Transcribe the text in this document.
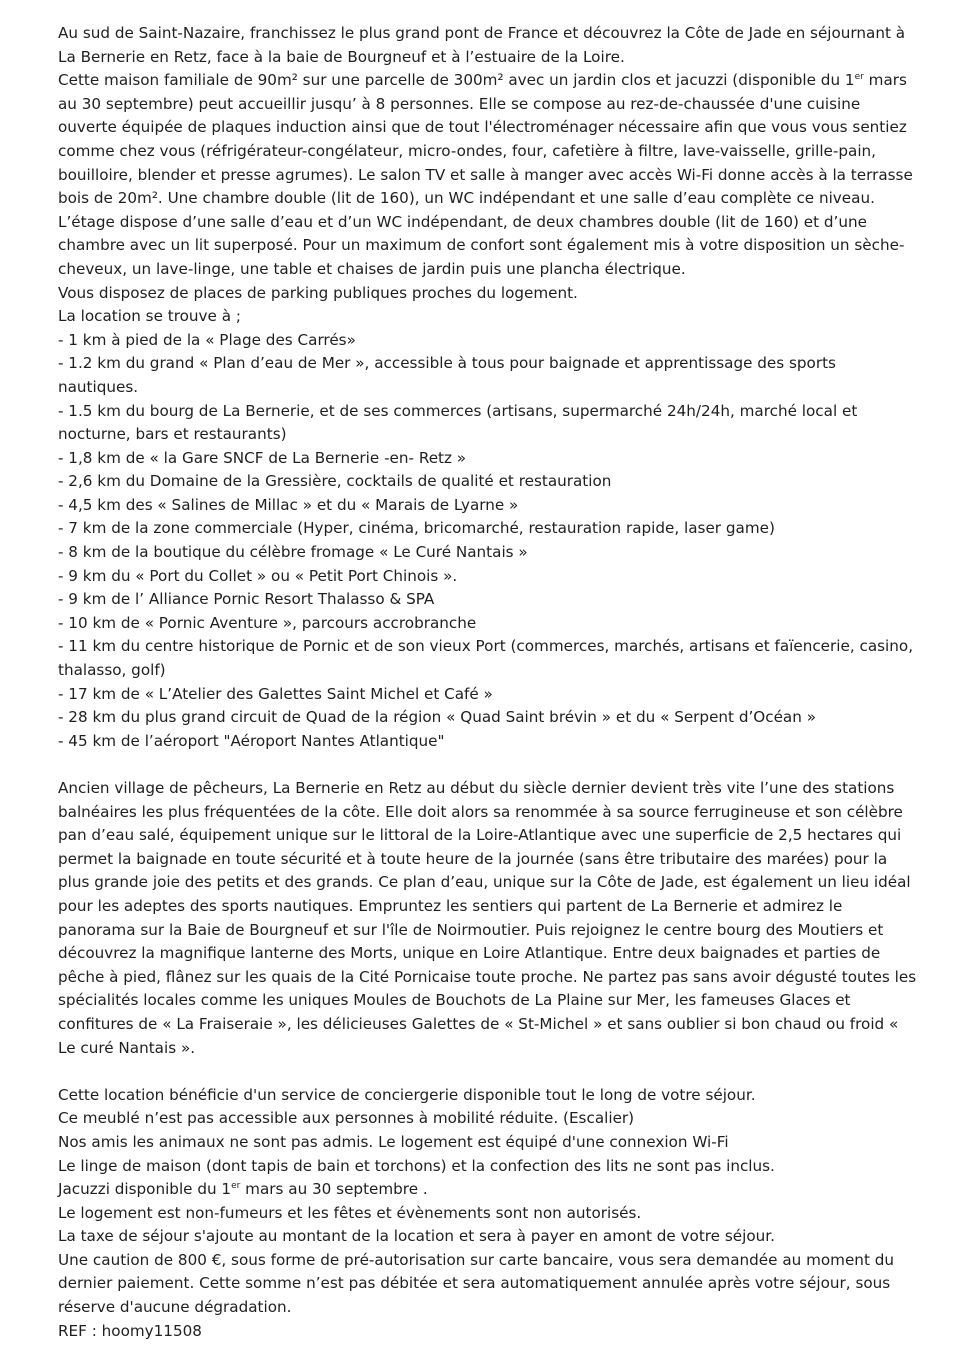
Au sud de Saint-Nazaire, franchissez le plus grand pont de France et découvrez la Côte de Jade en séjournant à La Bernerie en Retz, face à la baie de Bourgneuf et à l’estuaire de la Loire.

Cette maison familiale de 90m² sur une parcelle de 300m² avec un jardin clos et jacuzzi (disponible du 1er mars au 30 septembre) peut accueillir jusqu’ à 8 personnes. Elle se compose au rez-de-chaussée d'une cuisine ouverte équipée de plaques induction ainsi que de tout l'électroménager nécessaire afin que vous vous sentiez comme chez vous (réfrigérateur-congélateur, micro-ondes, four, cafetière à filtre, lave-vaisselle, grille-pain, bouilloire, blender et presse agrumes). Le salon TV et salle à manger avec accès Wi-Fi donne accès à la terrasse bois de 20m². Une chambre double (lit de 160), un WC indépendant et une salle d’eau complète ce niveau. L’étage dispose d’une salle d’eau et d’un WC indépendant, de deux chambres double (lit de 160) et d’une chambre avec un lit superposé. Pour un maximum de confort sont également mis à votre disposition un sèche-cheveux, un lave-linge, une table et chaises de jardin puis une plancha électrique.

Vous disposez de places de parking publiques proches du logement.

La location se trouve à ;

- 1 km à pied de la « Plage des Carrés»

- 1.2 km du grand « Plan d’eau de Mer », accessible à tous pour baignade et apprentissage des sports nautiques.

- 1.5 km du bourg de La Bernerie, et de ses commerces (artisans, supermarché 24h/24h, marché local et nocturne, bars et restaurants)

- 1,8 km de « la Gare SNCF de La Bernerie -en- Retz »

- 2,6 km du Domaine de la Gressière, cocktails de qualité et restauration

- 4,5 km des « Salines de Millac » et du « Marais de Lyarne »

- 7 km de la zone commerciale (Hyper, cinéma, bricomarché, restauration rapide, laser game)

- 8 km de la boutique du célèbre fromage « Le Curé Nantais »

- 9 km du « Port du Collet » ou « Petit Port Chinois ».

- 9 km de l’ Alliance Pornic Resort Thalasso & SPA

- 10 km de « Pornic Aventure », parcours accrobranche

- 11 km du centre historique de Pornic et de son vieux Port (commerces, marchés, artisans et faïencerie, casino, thalasso, golf)

- 17 km de « L’Atelier des Galettes Saint Michel et Café »

- 28 km du plus grand circuit de Quad de la région « Quad Saint brévin » et du « Serpent d’Océan »

- 45 km de l’aéroport "Aéroport Nantes Atlantique"

Ancien village de pêcheurs, La Bernerie en Retz au début du siècle dernier devient très vite l’une des stations balnéaires les plus fréquentées de la côte. Elle doit alors sa renommée à sa source ferrugineuse et son célèbre pan d’eau salé, équipement unique sur le littoral de la Loire-Atlantique avec une superficie de 2,5 hectares qui permet la baignade en toute sécurité et à toute heure de la journée (sans être tributaire des marées) pour la plus grande joie des petits et des grands. Ce plan d’eau, unique sur la Côte de Jade, est également un lieu idéal pour les adeptes des sports nautiques. Empruntez les sentiers qui partent de La Bernerie et admirez le panorama sur la Baie de Bourgneuf et sur l'île de Noirmoutier. Puis rejoignez le centre bourg des Moutiers et découvrez la magnifique lanterne des Morts, unique en Loire Atlantique. Entre deux baignades et parties de pêche à pied, flânez sur les quais de la Cité Pornicaise toute proche. Ne partez pas sans avoir dégusté toutes les spécialités locales comme les uniques Moules de Bouchots de La Plaine sur Mer, les fameuses Glaces et confitures de « La Fraiseraie », les délicieuses Galettes de « St-Michel » et sans oublier si bon chaud ou froid « Le curé Nantais ».

Cette location bénéficie d'un service de conciergerie disponible tout le long de votre séjour.

Ce meublé n’est pas accessible aux personnes à mobilité réduite. (Escalier)

Nos amis les animaux ne sont pas admis. Le logement est équipé d'une connexion Wi-Fi

Le linge de maison (dont tapis de bain et torchons) et la confection des lits ne sont pas inclus.

Jacuzzi disponible du 1er mars au 30 septembre .

Le logement est non-fumeurs et les fêtes et évènements sont non autorisés.

La taxe de séjour s'ajoute au montant de la location et sera à payer en amont de votre séjour.

Une caution de 800 €, sous forme de pré-autorisation sur carte bancaire, vous sera demandée au moment du dernier paiement. Cette somme n’est pas débitée et sera automatiquement annulée après votre séjour, sous réserve d'aucune dégradation.

REF : hoomy11508
